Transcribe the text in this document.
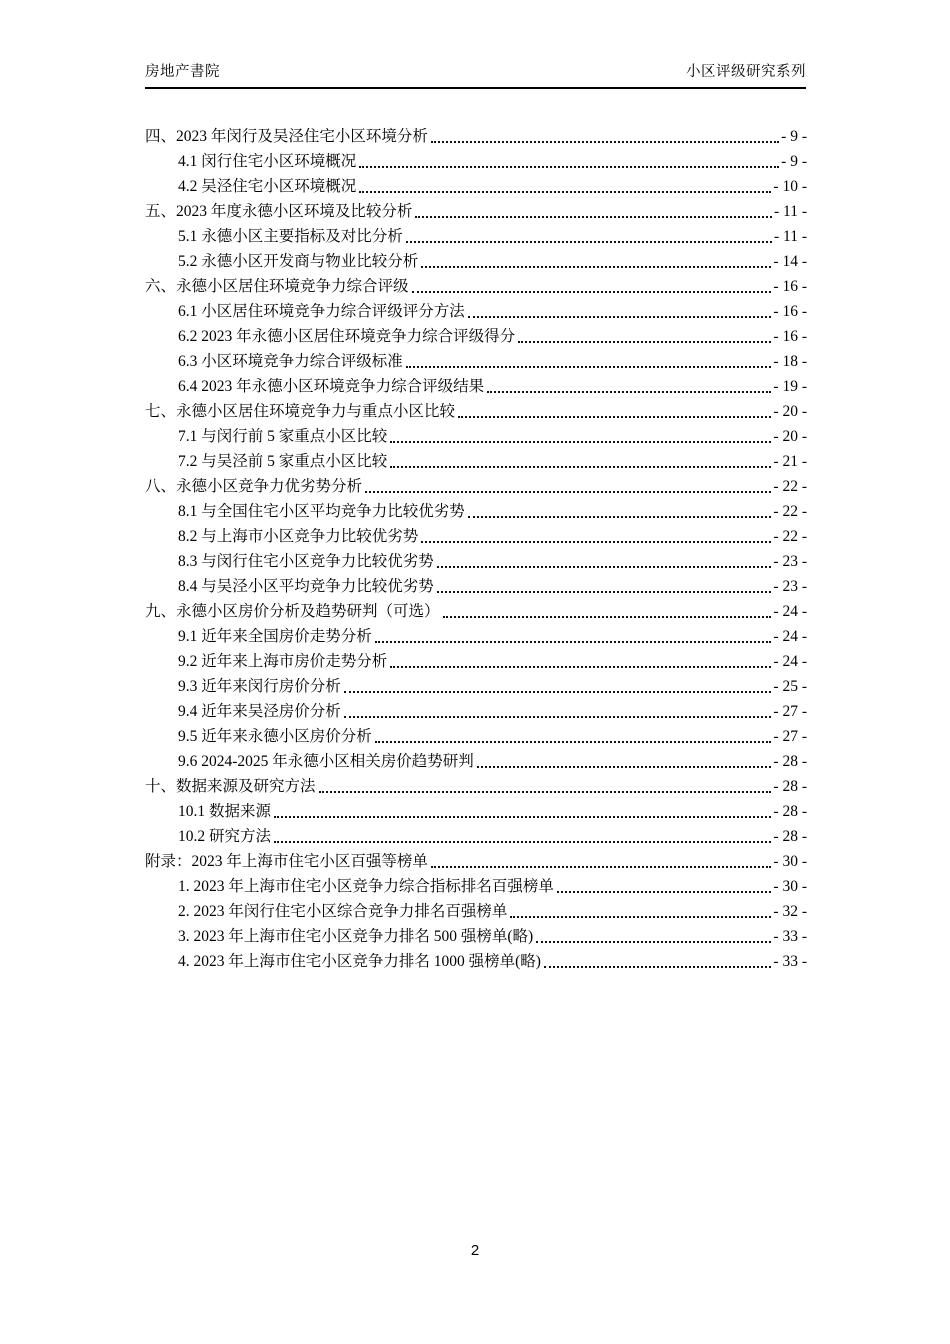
房地产書院	小区评级研究系列
四、2023 年闵行及吴泾住宅小区环境分析	- 9 -
4.1 闵行住宅小区环境概况	- 9 -
4.2 吴泾住宅小区环境概况	- 10 -
五、2023 年度永德小区环境及比较分析	- 11 -
5.1 永德小区主要指标及对比分析	- 11 -
5.2 永德小区开发商与物业比较分析	- 14 -
六、永德小区居住环境竞争力综合评级	- 16 -
6.1 小区居住环境竞争力综合评级评分方法	- 16 -
6.2 2023 年永德小区居住环境竞争力综合评级得分	- 16 -
6.3 小区环境竞争力综合评级标准	- 18 -
6.4 2023 年永德小区环境竞争力综合评级结果	- 19 -
七、永德小区居住环境竞争力与重点小区比较	- 20 -
7.1 与闵行前 5 家重点小区比较	- 20 -
7.2 与吴泾前 5 家重点小区比较	- 21 -
八、永德小区竞争力优劣势分析	- 22 -
8.1 与全国住宅小区平均竞争力比较优劣势	- 22 -
8.2 与上海市小区竞争力比较优劣势	- 22 -
8.3 与闵行住宅小区竞争力比较优劣势	- 23 -
8.4 与吴泾小区平均竞争力比较优劣势	- 23 -
九、永德小区房价分析及趋势研判（可选）	- 24 -
9.1 近年来全国房价走势分析	- 24 -
9.2 近年来上海市房价走势分析	- 24 -
9.3 近年来闵行房价分析	- 25 -
9.4 近年来吴泾房价分析	- 27 -
9.5 近年来永德小区房价分析	- 27 -
9.6 2024-2025 年永德小区相关房价趋势研判	- 28 -
十、数据来源及研究方法	- 28 -
10.1 数据来源	- 28 -
10.2 研究方法	- 28 -
附录：2023 年上海市住宅小区百强等榜单	- 30 -
1. 2023 年上海市住宅小区竞争力综合指标排名百强榜单	- 30 -
2. 2023 年闵行住宅小区综合竞争力排名百强榜单	- 32 -
3. 2023 年上海市住宅小区竞争力排名 500 强榜单(略)	- 33 -
4. 2023 年上海市住宅小区竞争力排名 1000 强榜单(略)	- 33 -
2
